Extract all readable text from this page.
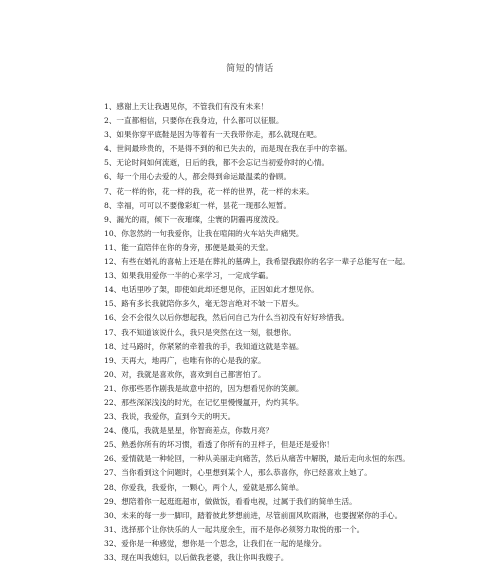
简短的情话
1、感谢上天让我遇见你，不管我们有没有未来！
2、一直都相信，只要你在我身边，什么都可以征服。
3、如果你穿平底鞋是因为等着有一天我带你走，那么就现在吧。
4、世间最珍贵的，不是得不到的和已失去的，而是现在我在手中的幸福。
5、无论时间如何流逝，日后的我，都不会忘记当初爱你时的心情。
6、每一个用心去爱的人，都会得到命运最温柔的眷顾。
7、花一样的你，花一样的我，花一样的世界，花一样的未来。
8、幸福，可可以不要像彩虹一样，昙花一现那么短暂。
9、漏光的雨，倾下一夜璀璨，尘寰的阴霾再度泼没。
10、你忽然的一句我爱你，让我在喧闹的火车站失声痛哭。
11、能一直陪伴在你的身旁，那便是最美的天堂。
12、有些在婚礼的喜帖上还是在葬礼的墓碑上，我希望我跟你的名字一辈子总能写在一起。
13、如果我用爱你一半的心来学习，一定成学霸。
14、电话里吵了架，即使如此却还想见你，正因如此才想见你。
15、路有多长我就陪你多久，毫无怨言绝对不皱一下眉头。
16、会不会很久以后你想起我，然后问自己为什么当初没有好好珍惜我。
17、我不知道该说什么，我只是突然在这一刻，很想你。
18、过马路时，你紧紧的牵着我的手，我知道这就是幸福。
19、天再大，地再广，也唯有你的心是我的家。
20、对，我就是喜欢你，喜欢到自己都害怕了。
21、你那些恶作剧我是故意中招的，因为想看见你的笑颜。
22、那些深深浅浅的时光，在记忆里慢慢氲开，灼灼其华。
23、我说，我爱你，直到今天的明天。
24、傻瓜，我就是星星，你智商差点，你数月亮？
25、熟悉你所有的坏习惯，看透了你所有的丑样子，但是还是爱你！
26、爱情就是一种轮回，一种从美丽走向痛苦，然后从痛苦中解脱，最后走向永恒的东西。
27、当你看到这个问题时，心里想到某个人，那么恭喜你，你已经喜欢上她了。
28、你爱我，我爱你，一颗心，两个人，爱就是那么简单。
29、想陪着你一起逛逛超市，做做饭，看看电视，过属于我们的简单生活。
30、未来的每一步一脚印，踏着彼此梦想前进，尽管前面风吹雨淋，也要握紧你的手心。
31、选择那个让你快乐的人一起共度余生，而不是你必须努力取悦的那一个。
32、爱你是一种感觉，想你是一个思念，让我们在一起的是缘分。
33、现在叫我媳妇，以后做我老婆，我让你叫我嫂子。
